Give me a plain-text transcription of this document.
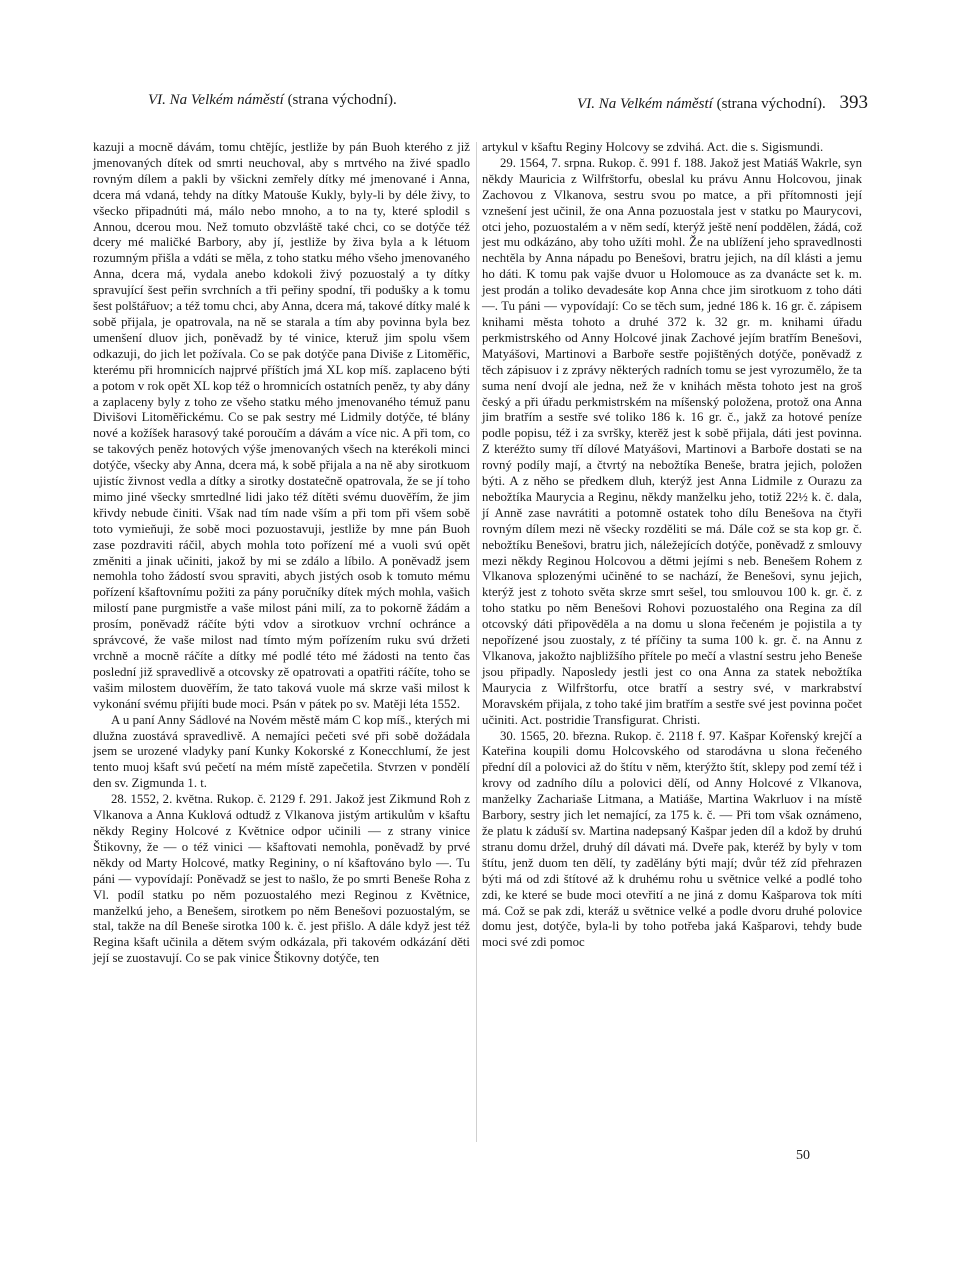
VI. Na Velkém náměstí (strana východní).	VI. Na Velkém náměstí (strana východní). 393

kazuji a mocně dávám, tomu chtějíc, jestliže by pán Buoh kterého z již jmenovaných dítek od smrti neuchoval, aby s mrtvého na živé spadlo rovným dílem a pakli by všickni zemřely dítky mé jmenované i Anna, dcera má vdaná, tehdy na dítky Matouše Kukly, byly-li by déle živy, to všecko připadnúti má, málo nebo mnoho, a to na ty, které splodil s Annou, dcerou mou. Než tomuto obzvláště také chci, co se dotýče též dcery mé maličké Barbory, aby jí, jestliže by živa byla a k létuom rozumným přišla a vdáti se měla, z toho statku mého všeho jmenovaného Anna, dcera má, vydala anebo kdokoli živý pozuostalý a ty dítky spravující šest peřin svrchních a tři peřiny spodní, tři podušky a k tomu šest polštářuov; a též tomu chci, aby Anna, dcera má, takové dítky malé k sobě přijala, je opatrovala, na ně se starala a tím aby povinna byla bez umenšení dluov jich, poněvadž by té vinice, kteruž jim spolu všem odkazuji, do jich let požívala. Co se pak dotýče pana Diviše z Litoměřic, kterému při hromnicích najprvé příštích jmá XL kop míš. zaplaceno býti a potom v rok opět XL kop též o hromnicích ostatních peněz, ty aby dány a zaplaceny byly z toho ze všeho statku mého jmenovaného témuž panu Divišovi Litoměřickému. Co se pak sestry mé Lidmily dotýče, té blány nové a kožíšek harasový také poroučím a dávám a více nic. A při tom, co se takových peněz hotových výše jmenovaných všech na kterékoli minci dotýče, všecky aby Anna, dcera má, k sobě přijala a na ně aby sirotkuom ujistíc živnost vedla a dítky a sirotky dostatečně opatrovala, že se jí toho mimo jiné všecky smrtedlné lidi jako též dítěti svému duověřím, že jim křivdy nebude činiti. Však nad tím nade vším a při tom při všem sobě toto vymieňuji, že sobě moci pozuostavuji, jestliže by mne pán Buoh zase pozdraviti ráčil, abych mohla toto pořízení mé a vuoli svú opět změniti a jinak učiniti, jakož by mi se zdálo a líbilo. A poněvadž jsem nemohla toho žádostí svou spraviti, abych jistých osob k tomuto mému pořízení kšaftovnímu požiti za pány poručníky dítek mých mohla, vašich milostí pane purgmistře a vaše milost páni milí, za to pokorně žádám a prosím, poněvadž ráčíte býti vdov a sirotkuov vrchní ochránce a správcové, že vaše milost nad tímto mým pořízením ruku svú držeti vrchně a mocně ráčíte a dítky mé podlé této mé žádosti na tento čas poslední již spravedlivě a otcovsky zě opatrovati a opatřiti ráčíte, toho se vašim milostem duověřím, že tato taková vuole má skrze vaši milost k vykonání svému přijíti bude moci. Psán v pátek po sv. Matěji léta 1552.

A u paní Anny Sádlové na Novém městě mám C kop míš., kterých mi dlužna zuostává spravedlivě. A nemajíci pečeti své při sobě dožádala jsem se urozené vladyky paní Kunky Kokorské z Konecchlumí, že jest tento muoj kšaft svú pečetí na mém místě zapečetila. Stvrzen v pondělí den sv. Zigmunda 1. t.

28. 1552, 2. května. Rukop. č. 2129 f. 291. Jakož jest Zikmund Roh z Vlkanova a Anna Kuklová odtudž z Vlkanova jistým artikulům v kšaftu někdy Reginy Holcové z Květnice odpor učinili — z strany vinice Štikovny, že — o též vinici — kšaftovati nemohla, poněvadž by prvé někdy od Marty Holcové, matky Regininy, o ní kšaftováno bylo —. Tu páni — vypovídají: Poněvadž se jest to našlo, že po smrti Beneše Roha z Vl. podíl statku po něm pozuostalého mezi Reginou z Květnice, manželkú jeho, a Benešem, sirotkem po něm Benešovi pozuostalým, se stal, takže na díl Beneše sirotka 100 k. č. jest přišlo. A dále když jest též Regina kšaft učinila a dětem svým odkázala, při takovém odkázání děti její se zuostavují. Co se pak vinice Štikovny dotýče, ten

artykul v kšaftu Reginy Holcovy se zdvihá. Act. die s. Sigismundi.

29. 1564, 7. srpna. Rukop. č. 991 f. 188. Jakož jest Matiáš Wakrle, syn někdy Mauricia z Wilfrštorfu, obeslal ku právu Annu Holcovou, jinak Zachovou z Vlkanova, sestru svou po matce, a při přítomnosti její vznešení jest učinil, že ona Anna pozuostala jest v statku po Maurycovi, otci jeho, pozuostalém a v něm sedí, kterýž ještě není poddělen, žádá, což jest mu odkázáno, aby toho užíti mohl. Že na ublížení jeho spravedlnosti nechtěla by Anna nápadu po Benešovi, bratru jejich, na díl klásti a jemu ho dáti. K tomu pak vajše dvuor u Holomouce as za dvanácte set k. m. jest prodán a toliko devadesáte kop Anna chce jim sirotkuom z toho dáti —. Tu páni — vypovídají: Co se těch sum, jedné 186 k. 16 gr. č. zápisem knihami města tohoto a druhé 372 k. 32 gr. m. knihami úřadu perkmistrského od Anny Holcové jinak Zachové jejím bratřím Benešovi, Matyášovi, Martinovi a Barboře sestře pojištěných dotýče, poněvadž z těch zápisuov i z zprávy některých radních tomu se jest vyrozumělo, že ta suma není dvojí ale jedna, než že v knihách města tohoto jest na groš český a při úřadu perkmistrském na míšenský položena, protož ona Anna jim bratřím a sestře své toliko 186 k. 16 gr. č., jakž za hotové peníze podle popisu, též i za svršky, kterěž jest k sobě přijala, dáti jest povinna. Z kteréžto sumy tří dílové Matyášovi, Martinovi a Barboře dostati se na rovný podíly mají, a čtvrtý na nebožtíka Beneše, bratra jejich, položen býti. A z něho se předkem dluh, kterýž jest Anna Lidmile z Ourazu za nebožtíka Maurycia a Reginu, někdy manželku jeho, totiž 22½ k. č. dala, jí Anně zase navrátiti a potomně ostatek toho dílu Benešova na čtyři rovným dílem mezi ně všecky rozděliti se má. Dále což se sta kop gr. č. nebožtíku Benešovi, bratru jich, náležejících dotýče, poněvadž z smlouvy mezi někdy Reginou Holcovou a dětmi jejími s neb. Benešem Rohem z Vlkanova splozenými učiněné to se nachází, že Benešovi, synu jejich, kterýž jest z tohoto světa skrze smrt sešel, tou smlouvou 100 k. gr. č. z toho statku po něm Benešovi Rohovi pozuostalého ona Regina za díl otcovský dáti připověděla a na domu u slona řečeném je pojistila a ty nepořízené jsou zuostaly, z té příčiny ta suma 100 k. gr. č. na Annu z Vlkanova, jakožto najbližšího přítele po mečí a vlastní sestru jeho Beneše jsou připadly. Naposledy jestli jest co ona Anna za statek nebožtíka Maurycia z Wilfrštorfu, otce bratří a sestry své, v markrabství Moravském přijala, z toho také jim bratřím a sestře své jest povinna počet učiniti. Act. postridie Transfigurat. Christi.

30. 1565, 20. března. Rukop. č. 2118 f. 97. Kašpar Kořenský krejčí a Kateřina koupili domu Holcovského od starodávna u slona řečeného přední díl a polovici až do štítu v něm, kterýžto štít, sklepy pod zemí též i krovy od zadního dílu a polovici dělí, od Anny Holcové z Vlkanova, manželky Zachariaše Litmana, a Matiáše, Martina Wakrluov i na místě Barbory, sestry jich let nemající, za 175 k. č. — Při tom však oznámeno, že platu k záduší sv. Martina nadepsaný Kašpar jeden díl a kdož by druhú stranu domu držel, druhý díl dávati má. Dveře pak, kteréž by byly v tom štítu, jenž duom ten dělí, ty zadělány býti mají; dvůr též zíd přehrazen býti má od zdi štítové až k druhému rohu u světnice velké a podlé toho zdi, ke které se bude moci otevřití a ne jiná z domu Kašparova tok míti má. Což se pak zdi, kteráž u světnice velké a podle dvoru druhé polovice domu jest, dotýče, byla-li by toho potřeba jaká Kašparovi, tehdy bude moci své zdi pomoc

50
